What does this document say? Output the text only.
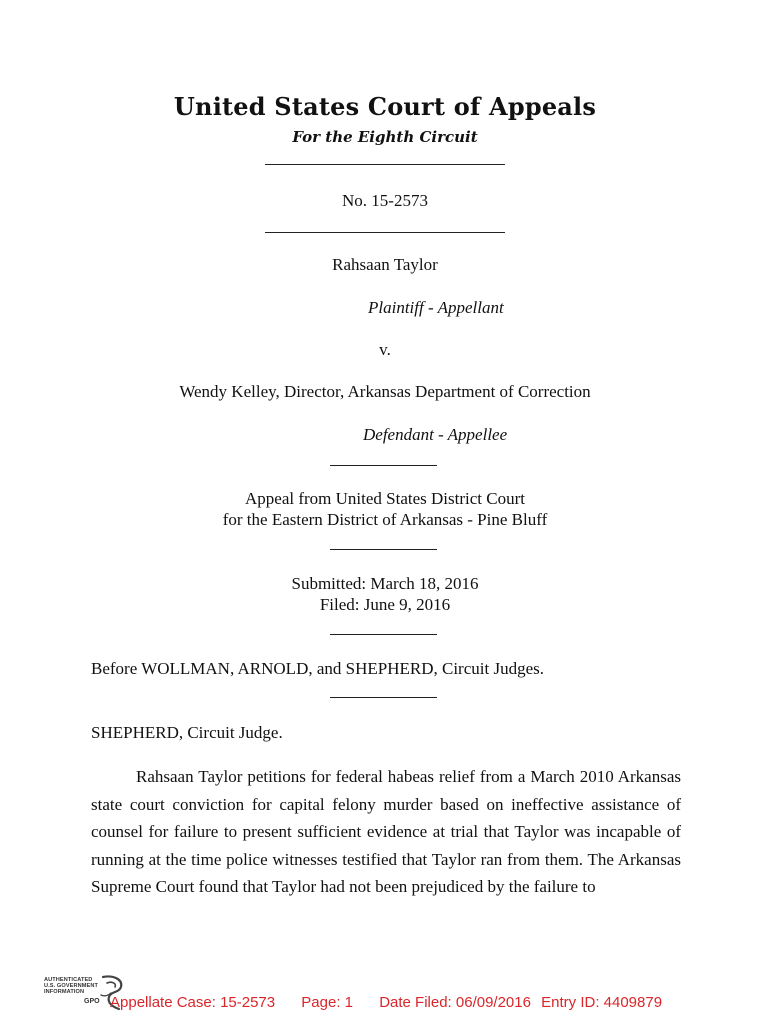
United States Court of Appeals
For the Eighth Circuit
No. 15-2573
Rahsaan Taylor
Plaintiff - Appellant
v.
Wendy Kelley, Director, Arkansas Department of Correction
Defendant - Appellee
Appeal from United States District Court
for the Eastern District of Arkansas - Pine Bluff
Submitted: March 18, 2016
Filed: June 9, 2016
Before WOLLMAN, ARNOLD, and SHEPHERD, Circuit Judges.
SHEPHERD, Circuit Judge.

Rahsaan Taylor petitions for federal habeas relief from a March 2010 Arkansas state court conviction for capital felony murder based on ineffective assistance of counsel for failure to present sufficient evidence at trial that Taylor was incapable of running at the time police witnesses testified that Taylor ran from them. The Arkansas Supreme Court found that Taylor had not been prejudiced by the failure to

AUTHENTICATED
U.S. GOVERNMENT
INFORMATION
GPO Appellate Case: 15-2573 Page: 1 Date Filed: 06/09/2016 Entry ID: 4409879
